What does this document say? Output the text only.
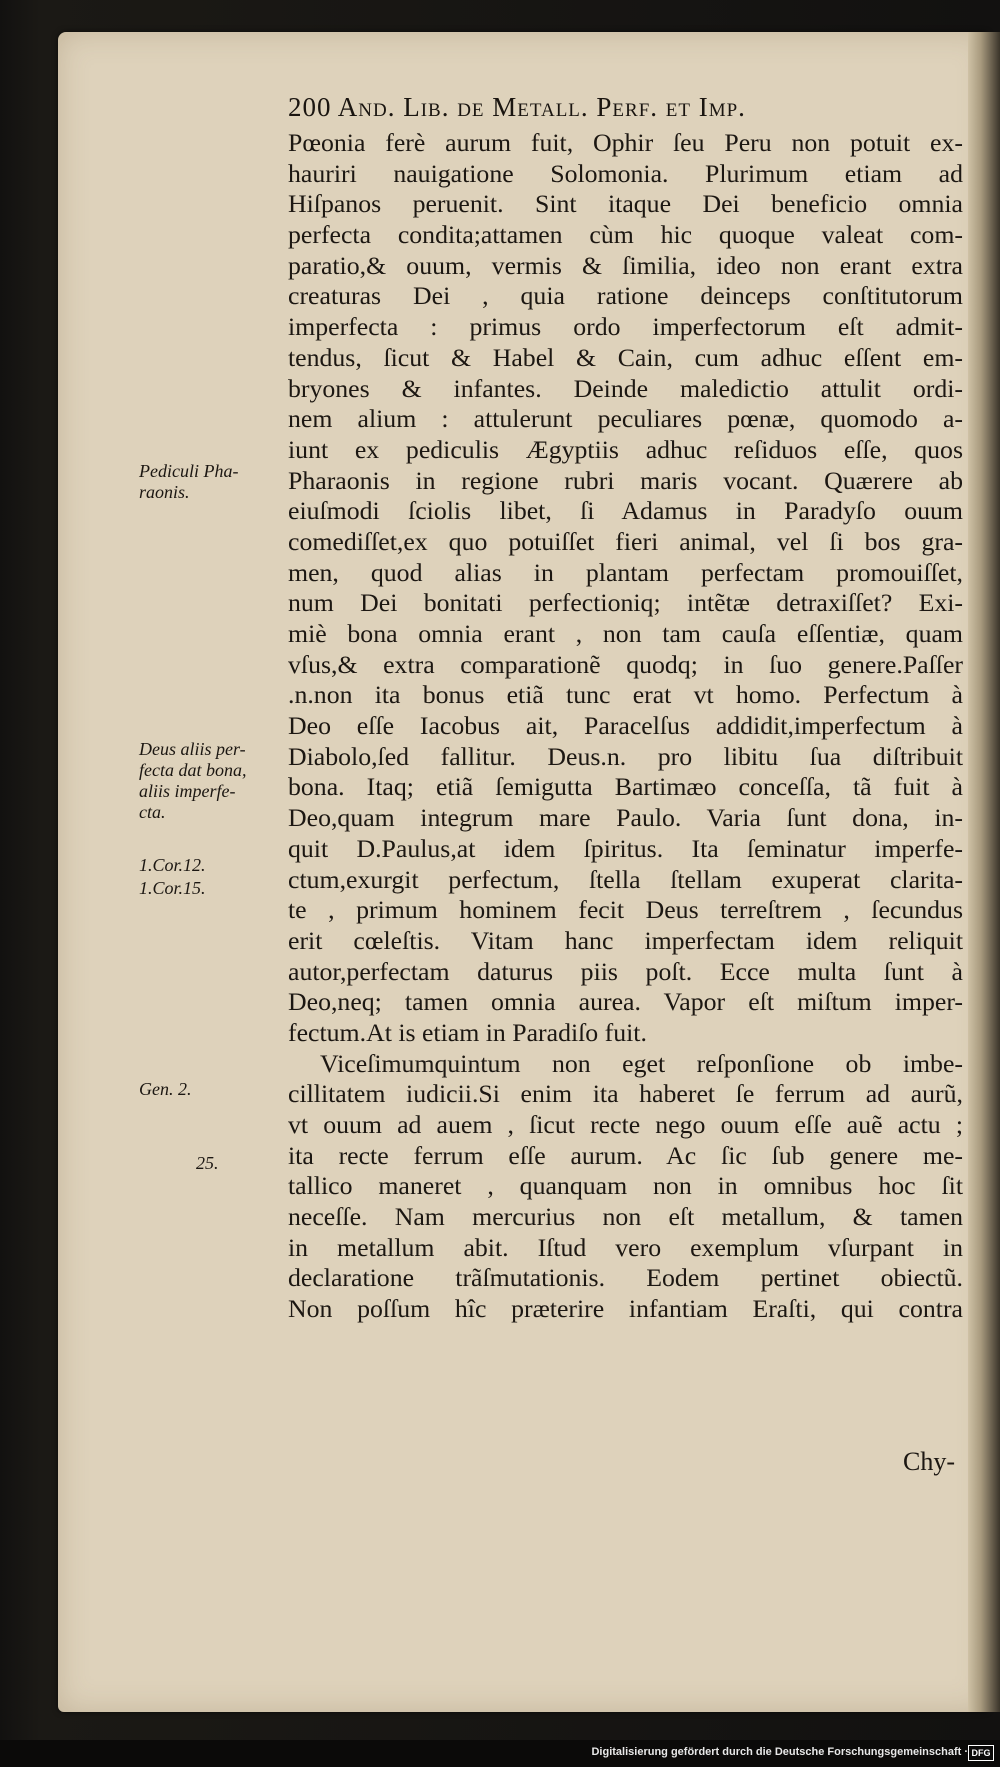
200 And. Lib. de Metall. Perf. et Imp.
Pœonia ferè aurum fuit, Ophir ſeu Peru non potuit ex-
hauriri nauigatione Solomonia. Plurimum etiam ad
Hiſpanos peruenit. Sint itaque Dei beneficio omnia
perfecta condita;attamen cùm hic quoque valeat com-
paratio,& ouum, vermis & ſimilia, ideo non erant extra
creaturas Dei , quia ratione deinceps conſtitutorum
imperfecta : primus ordo imperfectorum eſt admit-
tendus, ſicut & Habel & Cain, cum adhuc eſſent em-
bryones & infantes. Deinde maledictio attulit ordi-
nem alium : attulerunt peculiares pœnæ, quomodo a-
iunt ex pediculis Ægyptiis adhuc reſiduos eſſe, quos
Pharaonis in regione rubri maris vocant. Quærere ab
eiuſmodi ſciolis libet, ſi Adamus in Paradyſo ouum
comediſſet,ex quo potuiſſet fieri animal, vel ſi bos gra-
men, quod alias in plantam perfectam promouiſſet,
num Dei bonitati perfectioniq; intẽtæ detraxiſſet? Exi-
miè bona omnia erant , non tam cauſa eſſentiæ, quam
vſus,& extra comparationẽ quodq; in ſuo genere.Paſſer
.n.non ita bonus etiã tunc erat vt homo. Perfectum à
Deo eſſe Iacobus ait, Paracelſus addidit,imperfectum à
Diabolo,ſed fallitur. Deus.n. pro libitu ſua diſtribuit
bona. Itaq; etiã ſemigutta Bartimæo conceſſa, tã fuit à
Deo,quam integrum mare Paulo. Varia ſunt dona, in-
quit D.Paulus,at idem ſpiritus. Ita ſeminatur imperfe-
ctum,exurgit perfectum, ſtella ſtellam exuperat clarita-
te , primum hominem fecit Deus terreſtrem , ſecundus
erit cœleſtis. Vitam hanc imperfectam idem reliquit
autor,perfectam daturus piis poſt. Ecce multa ſunt à
Deo,neq; tamen omnia aurea. Vapor eſt miſtum imper-
fectum.At is etiam in Paradiſo fuit.
Viceſimumquintum non eget reſponſione ob imbe-
cillitatem iudicii.Si enim ita haberet ſe ferrum ad aurũ,
vt ouum ad auem , ſicut recte nego ouum eſſe auẽ actu ;
ita recte ferrum eſſe aurum. Ac ſic ſub genere me-
tallico maneret , quanquam non in omnibus hoc ſit
neceſſe. Nam mercurius non eſt metallum, & tamen
in metallum abit. Iſtud vero exemplum vſurpant in
declaratione trãſmutationis. Eodem pertinet obiectũ.
Non poſſum hîc præterire infantiam Eraſti, qui contra
Chy-
Pediculi Pha-
raonis.
Deus aliis per-
fecta dat bona,
aliis imperfe-
cta.
1.Cor.12.
1.Cor.15.
Gen. 2.
25.
Digitalisierung gefördert durch die Deutsche Forschungsgemeinschaft · DFG
